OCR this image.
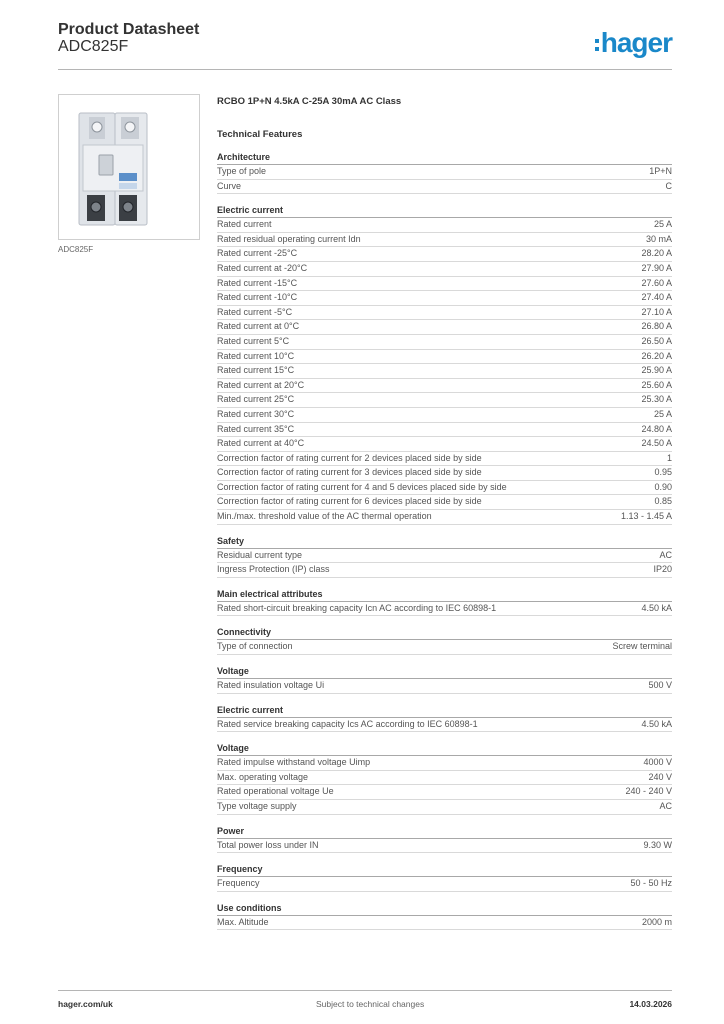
Product Datasheet
ADC825F	hager
ADC825F
RCBO 1P+N 4.5kA C-25A 30mA AC Class
Technical Features
Architecture
Type of pole	1P+N
Curve	C
Electric current
Rated current	25 A
Rated residual operating current Idn	30 mA
Rated current -25°C	28.20 A
Rated current at -20°C	27.90 A
Rated current -15°C	27.60 A
Rated current -10°C	27.40 A
Rated current -5°C	27.10 A
Rated current at 0°C	26.80 A
Rated current 5°C	26.50 A
Rated current 10°C	26.20 A
Rated current 15°C	25.90 A
Rated current at 20°C	25.60 A
Rated current 25°C	25.30 A
Rated current 30°C	25 A
Rated current 35°C	24.80 A
Rated current at 40°C	24.50 A
Correction factor of rating current for 2 devices placed side by side	1
Correction factor of rating current for 3 devices placed side by side	0.95
Correction factor of rating current for 4 and 5 devices placed side by side	0.90
Correction factor of rating current for 6 devices placed side by side	0.85
Min./max. threshold value of the AC thermal operation	1.13 - 1.45 A
Safety
Residual current type	AC
Ingress Protection (IP) class	IP20
Main electrical attributes
Rated short-circuit breaking capacity Icn AC according to IEC 60898-1	4.50 kA
Connectivity
Type of connection	Screw terminal
Voltage
Rated insulation voltage Ui	500 V
Electric current
Rated service breaking capacity Ics AC according to IEC 60898-1	4.50 kA
Voltage
Rated impulse withstand voltage Uimp	4000 V
Max. operating voltage	240 V
Rated operational voltage Ue	240 - 240 V
Type voltage supply	AC
Power
Total power loss under IN	9.30 W
Frequency
Frequency	50 - 50 Hz
Use conditions
Max. Altitude	2000 m
hager.com/uk	Subject to technical changes	14.03.2026
